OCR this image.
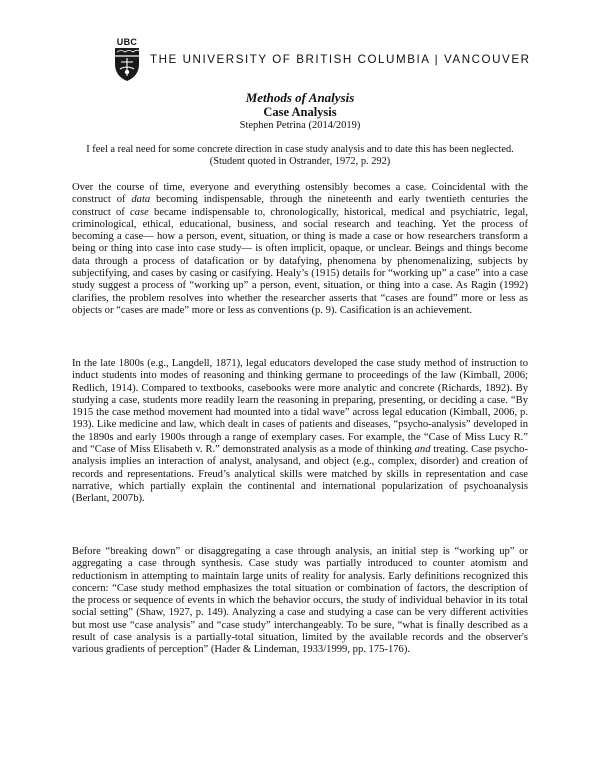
UBC
THE UNIVERSITY OF BRITISH COLUMBIA | VANCOUVER
Methods of Analysis
Case Analysis
Stephen Petrina (2014/2019)
I feel a real need for some concrete direction in case study analysis and to date this has been neglected.
(Student quoted in Ostrander, 1972, p. 292)

Over the course of time, everyone and everything ostensibly becomes a case. Coincidental with the construct of data becoming indispensable, through the nineteenth and early twentieth centuries the construct of case became indispensable to, chronologically, historical, medical and psychiatric, legal, criminological, ethical, educational, business, and social research and teaching. Yet the process of becoming a case— how a person, event, situation, or thing is made a case or how researchers transform a being or thing into case into case study— is often implicit, opaque, or unclear. Beings and things become data through a process of datafication or by datafying, phenomena by phenomenalizing, subjects by subjectifying, and cases by casing or casifying. Healy’s (1915) details for “working up” a case” into a case study suggest a process of “working up” a person, event, situation, or thing into a case. As Ragin (1992) clarifies, the problem resolves into whether the researcher asserts that “cases are found” more or less as objects or “cases are made” more or less as conventions (p. 9). Casification is an achievement.

In the late 1800s (e.g., Langdell, 1871), legal educators developed the case study method of instruction to induct students into modes of reasoning and thinking germane to proceedings of the law (Kimball, 2006; Redlich, 1914). Compared to textbooks, casebooks were more analytic and concrete (Richards, 1892). By studying a case, students more readily learn the reasoning in preparing, presenting, or deciding a case. “By 1915 the case method movement had mounted into a tidal wave” across legal education (Kimball, 2006, p. 193). Like medicine and law, which dealt in cases of patients and diseases, “psycho-analysis” developed in the 1890s and early 1900s through a range of exemplary cases. For example, the “Case of Miss Lucy R.” and “Case of Miss Elisabeth v. R.” demonstrated analysis as a mode of thinking and treating. Case psycho-analysis implies an interaction of analyst, analysand, and object (e.g., complex, disorder) and creation of records and representations. Freud’s analytical skills were matched by skills in representation and case narrative, which partially explain the continental and international popularization of psychoanalysis (Berlant, 2007b).

Before “breaking down” or disaggregating a case through analysis, an initial step is “working up” or aggregating a case through synthesis. Case study was partially introduced to counter atomism and reductionism in attempting to maintain large units of reality for analysis. Early definitions recognized this concern: “Case study method emphasizes the total situation or combination of factors, the description of the process or sequence of events in which the behavior occurs, the study of individual behavior in its total social setting” (Shaw, 1927, p. 149). Analyzing a case and studying a case can be very different activities but most use “case analysis” and “case study” interchangeably. To be sure, “what is finally described as a result of case analysis is a partially-total situation, limited by the available records and the observer's various gradients of perception” (Hader & Lindeman, 1933/1999, pp. 175-176).
